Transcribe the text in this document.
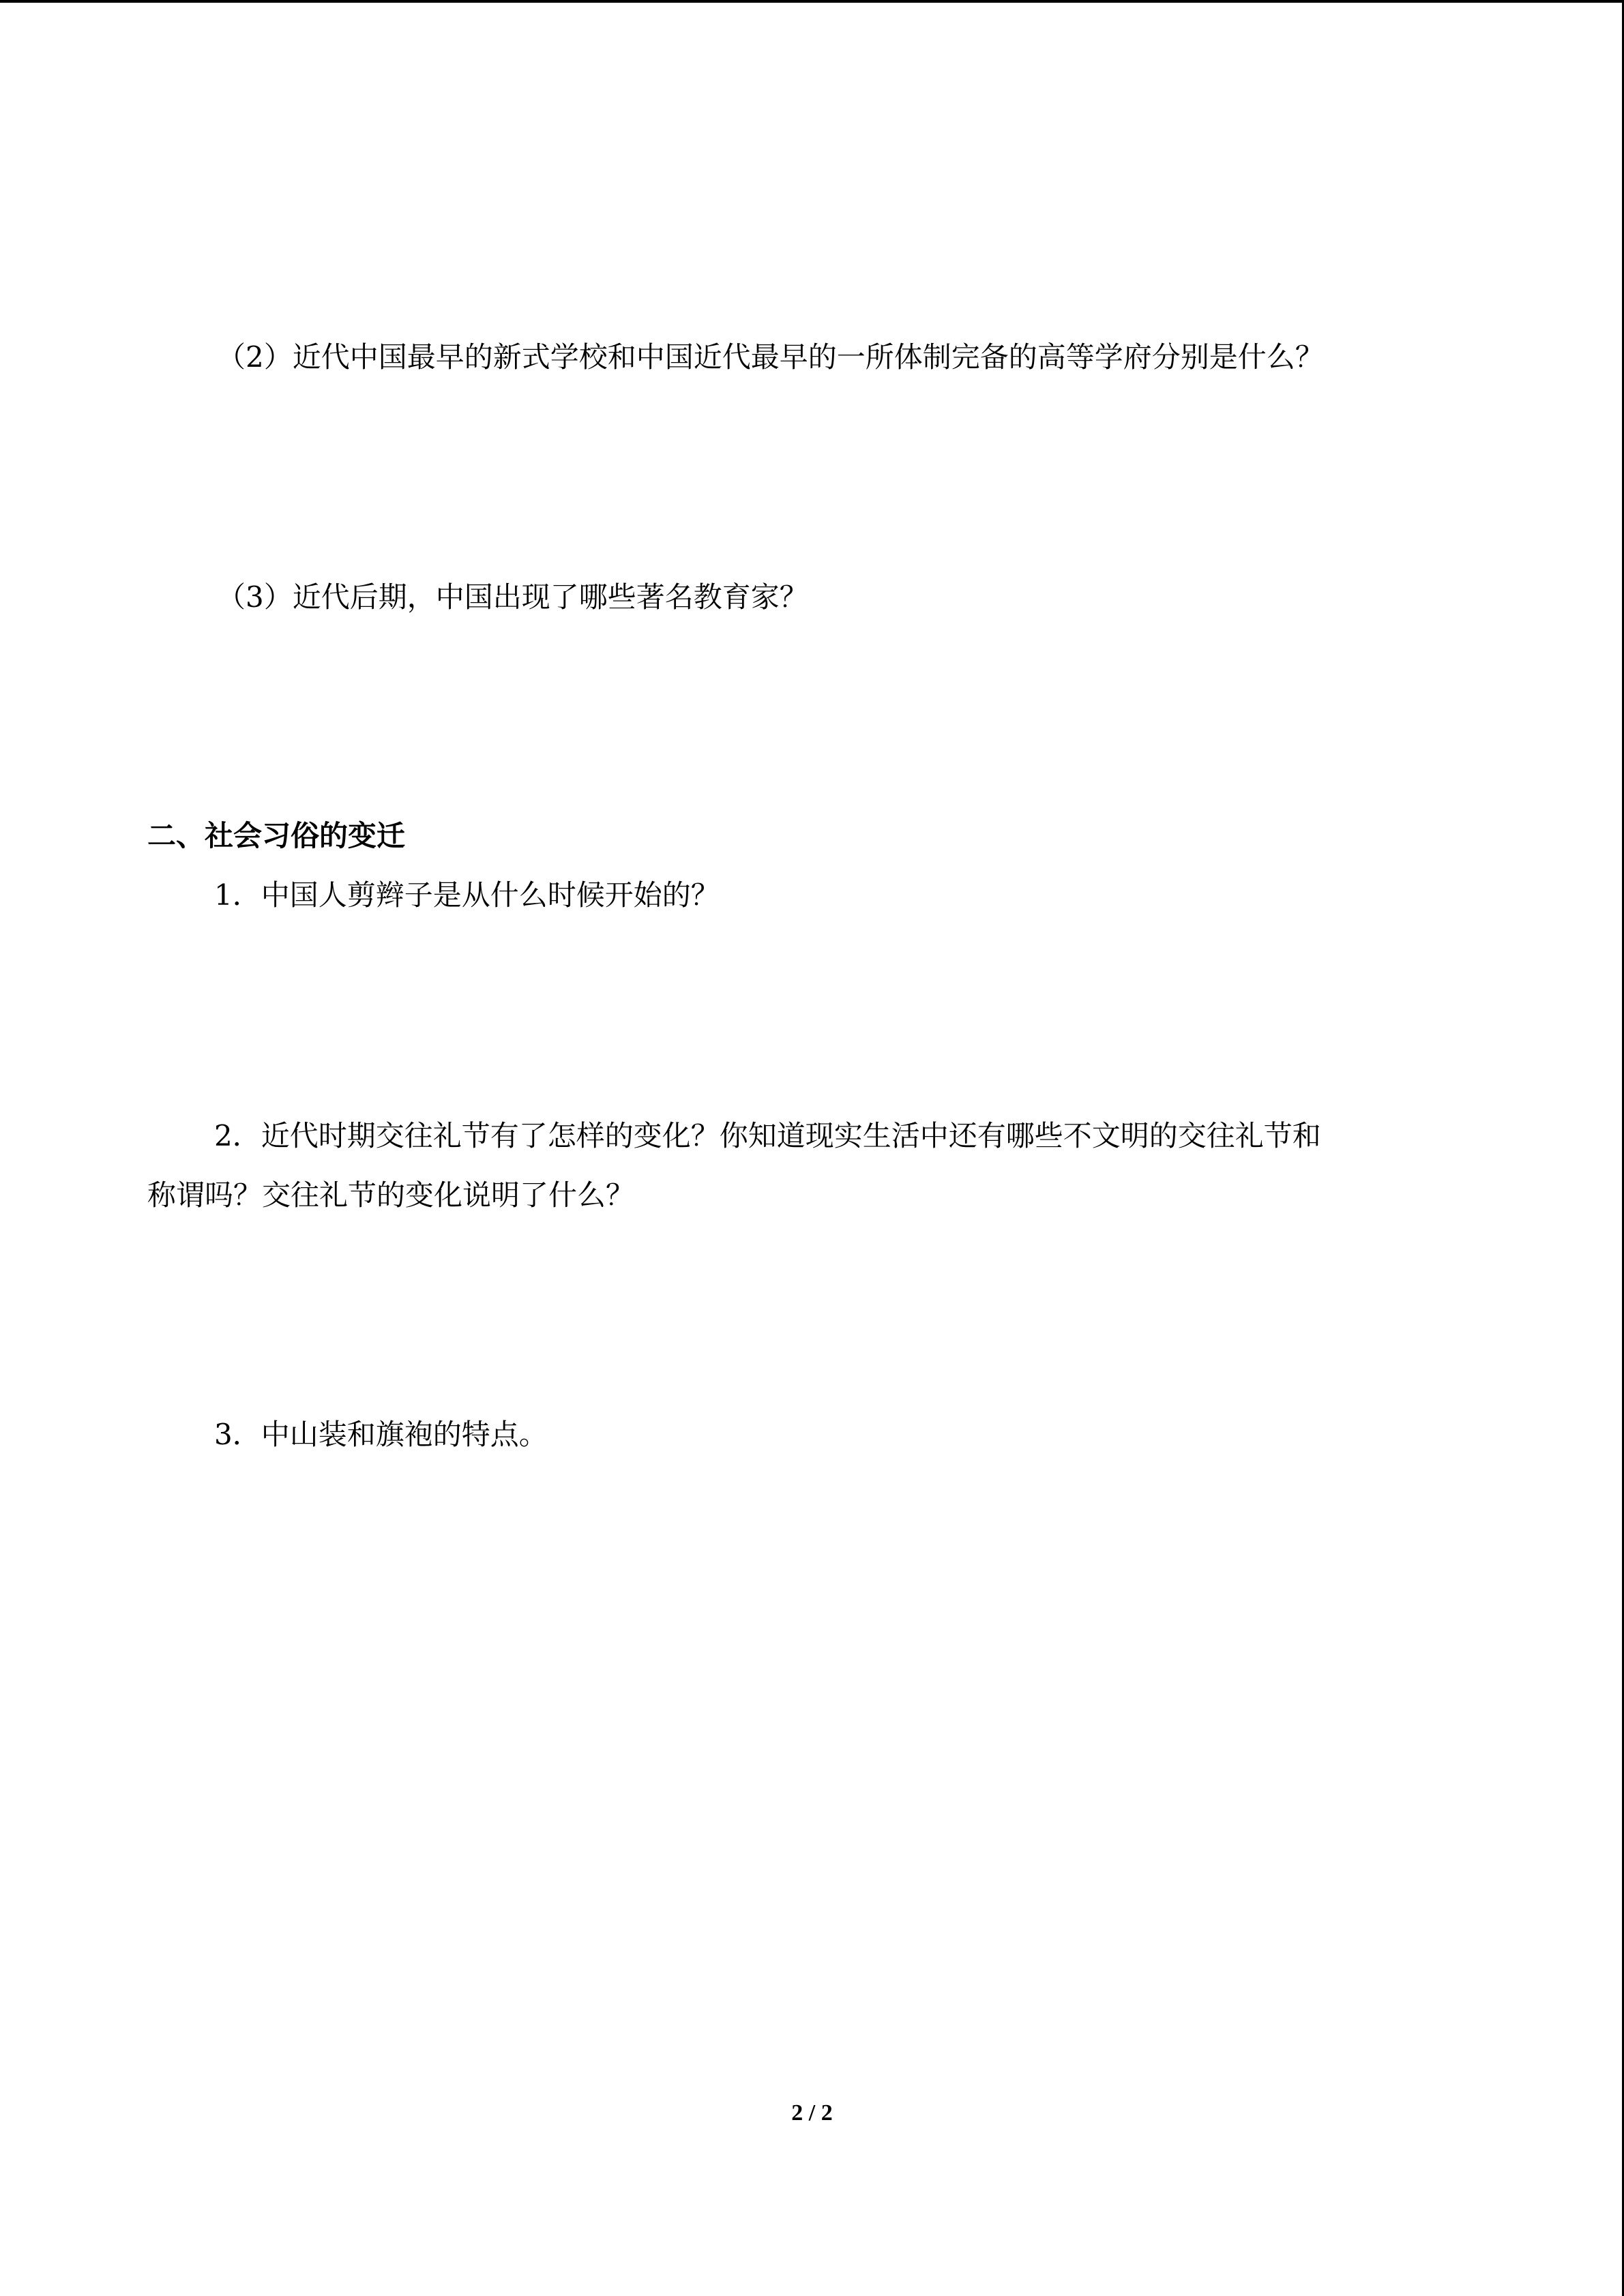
（2）近代中国最早的新式学校和中国近代最早的一所体制完备的高等学府分别是什么？
（3）近代后期，中国出现了哪些著名教育家？
二、社会习俗的变迁
1．中国人剪辫子是从什么时候开始的？
2．近代时期交往礼节有了怎样的变化？你知道现实生活中还有哪些不文明的交往礼节和
称谓吗？交往礼节的变化说明了什么？
3．中山装和旗袍的特点。
2 / 2
